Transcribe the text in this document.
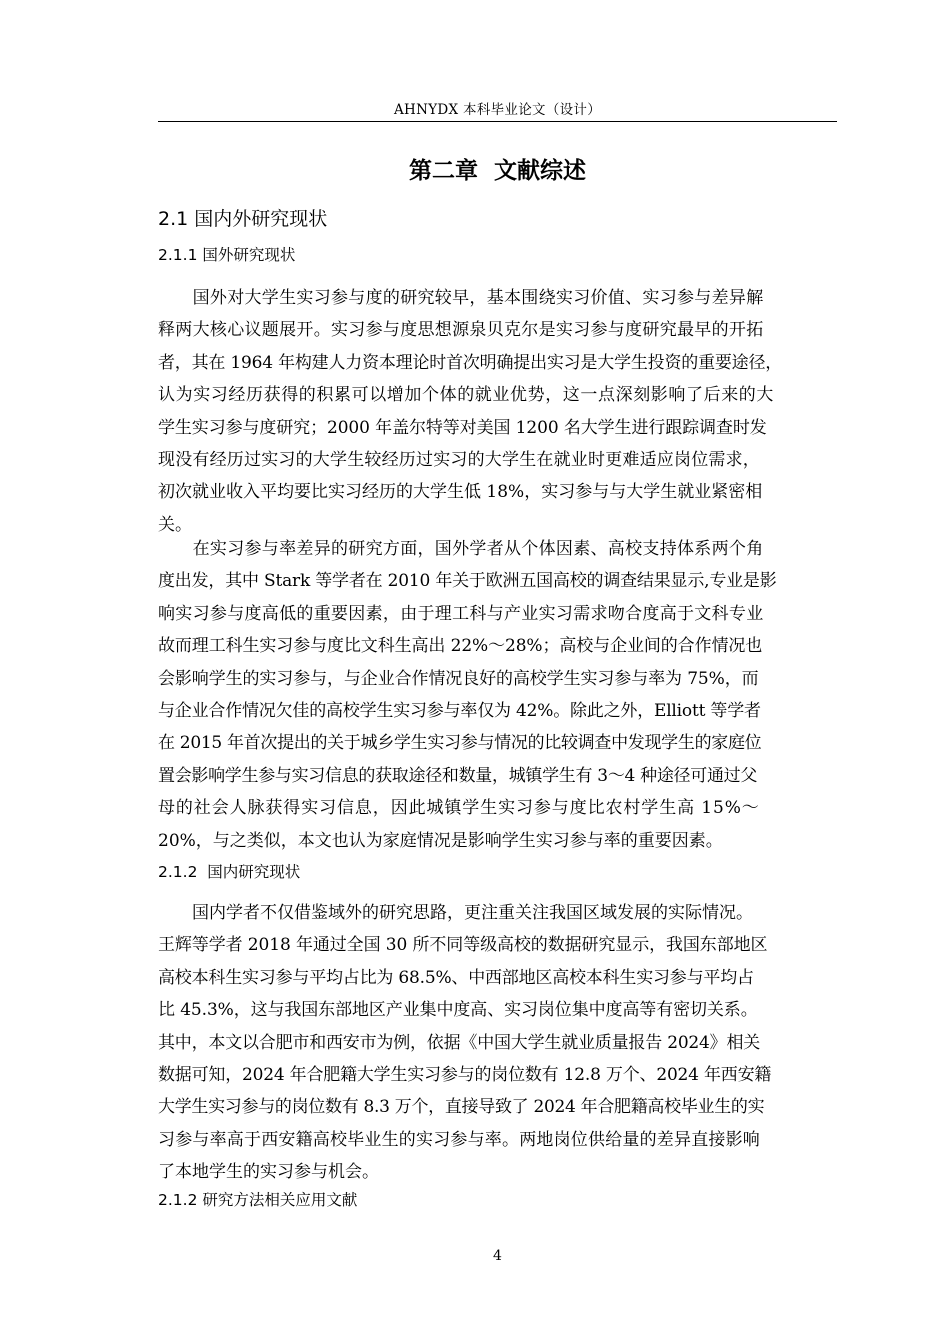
AHNYDX 本科毕业论文（设计）
第二章  文献综述
2.1 国内外研究现状
2.1.1 国外研究现状

　　国外对大学生实习参与度的研究较早，基本围绕实习价值、实习参与差异解
释两大核心议题展开。实习参与度思想源泉贝克尔是实习参与度研究最早的开拓
者，其在 1964 年构建人力资本理论时首次明确提出实习是大学生投资的重要途径，
认为实习经历获得的积累可以增加个体的就业优势，这一点深刻影响了后来的大
学生实习参与度研究；2000 年盖尔特等对美国 1200 名大学生进行跟踪调查时发
现没有经历过实习的大学生较经历过实习的大学生在就业时更难适应岗位需求，
初次就业收入平均要比实习经历的大学生低 18%，实习参与与大学生就业紧密相
关。

　　在实习参与率差异的研究方面，国外学者从个体因素、高校支持体系两个角
度出发，其中 Stark 等学者在 2010 年关于欧洲五国高校的调查结果显示,专业是影
响实习参与度高低的重要因素，由于理工科与产业实习需求吻合度高于文科专业
故而理工科生实习参与度比文科生高出 22%～28%；高校与企业间的合作情况也
会影响学生的实习参与，与企业合作情况良好的高校学生实习参与率为 75%，而
与企业合作情况欠佳的高校学生实习参与率仅为 42%。除此之外，Elliott 等学者
在 2015 年首次提出的关于城乡学生实习参与情况的比较调查中发现学生的家庭位
置会影响学生参与实习信息的获取途径和数量，城镇学生有 3～4 种途径可通过父
母的社会人脉获得实习信息，因此城镇学生实习参与度比农村学生高 15%～
20%，与之类似，本文也认为家庭情况是影响学生实习参与率的重要因素。

2.1.2  国内研究现状

　　国内学者不仅借鉴域外的研究思路，更注重关注我国区域发展的实际情况。
王辉等学者 2018 年通过全国 30 所不同等级高校的数据研究显示，我国东部地区
高校本科生实习参与平均占比为 68.5%、中西部地区高校本科生实习参与平均占
比 45.3%，这与我国东部地区产业集中度高、实习岗位集中度高等有密切关系。
其中，本文以合肥市和西安市为例，依据《中国大学生就业质量报告 2024》相关
数据可知，2024 年合肥籍大学生实习参与的岗位数有 12.8 万个、2024 年西安籍
大学生实习参与的岗位数有 8.3 万个，直接导致了 2024 年合肥籍高校毕业生的实
习参与率高于西安籍高校毕业生的实习参与率。两地岗位供给量的差异直接影响
了本地学生的实习参与机会。

2.1.2 研究方法相关应用文献
4
